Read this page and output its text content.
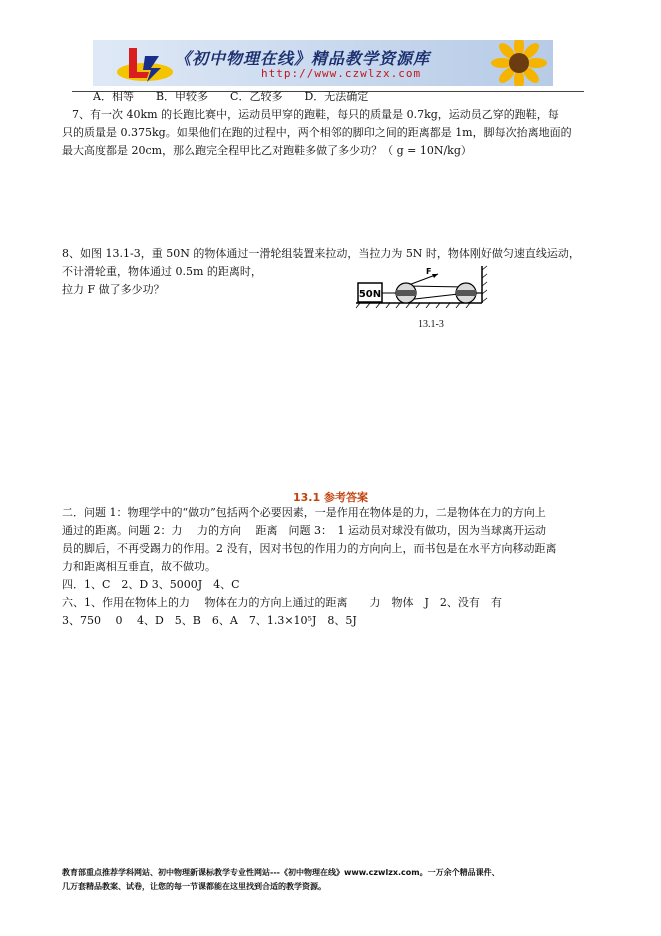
《初中物理在线》精品教学资源库
http://www.czwlzx.com
A．相等　　B．甲较多　　C．乙较多　　D．无法确定
7、有一次 40km 的长跑比赛中，运动员甲穿的跑鞋，每只的质量是 0.7kg，运动员乙穿的跑鞋，每
只的质量是 0.375kg。如果他们在跑的过程中，两个相邻的脚印之间的距离都是 1m，脚每次抬离地面的
最大高度都是 20cm，那么跑完全程甲比乙对跑鞋多做了多少功？（ g = 10N/kg）
8、如图 13.1-3，重 50N 的物体通过一滑轮组装置来拉动，当拉力为 5N 时，物体刚好做匀速直线运动，
不计滑轮重，物体通过 0.5m 的距离时，
拉力 F 做了多少功？	50N
F
13.1-3
13.1 参考答案
二．问题 1：物理学中的“做功”包括两个必要因素，一是作用在物体是的力，二是物体在力的方向上
通过的距离。问题 2：力　 力的方向　 距离　问题 3：　1 运动员对球没有做功，因为当球离开运动
员的脚后，不再受踢力的作用。2 没有，因对书包的作用力的方向向上，而书包是在水平方向移动距离
力和距离相互垂直，故不做功。
四．1、C　2、D 3、5000J　4、C
六、1、作用在物体上的力　 物体在力的方向上通过的距离　　力　物体　J　2、没有　有
3、750　 0　 4、D　5、B　6、A　7、1.3×10⁵J　8、5J
教育部重点推荐学科网站、初中物理新课标教学专业性网站---《初中物理在线》www.czwlzx.com。一万余个精品课件、
几万套精品教案、试卷，让您的每一节课都能在这里找到合适的教学资源。
